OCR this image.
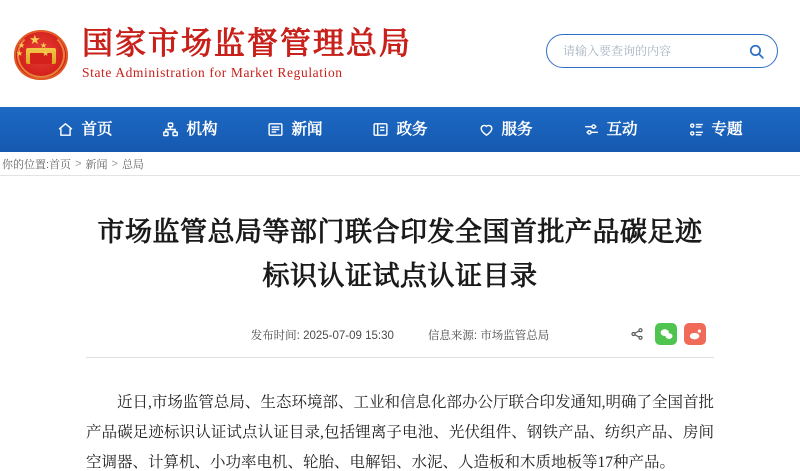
国家市场监督管理总局
State Administration for Market Regulation
请输入要查询的内容
首页	机构	新闻	政务	服务	互动	专题
你的位置: 首页 > 新闻 > 总局
市场监管总局等部门联合印发全国首批产品碳足迹标识认证试点认证目录
发布时间: 2025-07-09 15:30	信息来源: 市场监管总局

近日,市场监管总局、生态环境部、工业和信息化部办公厅联合印发通知,明确了全国首批产品碳足迹标识认证试点认证目录,包括锂离子电池、光伏组件、钢铁产品、纺织产品、房间空调器、计算机、小功率电机、轮胎、电解铝、水泥、人造板和木质地板等17种产品。
